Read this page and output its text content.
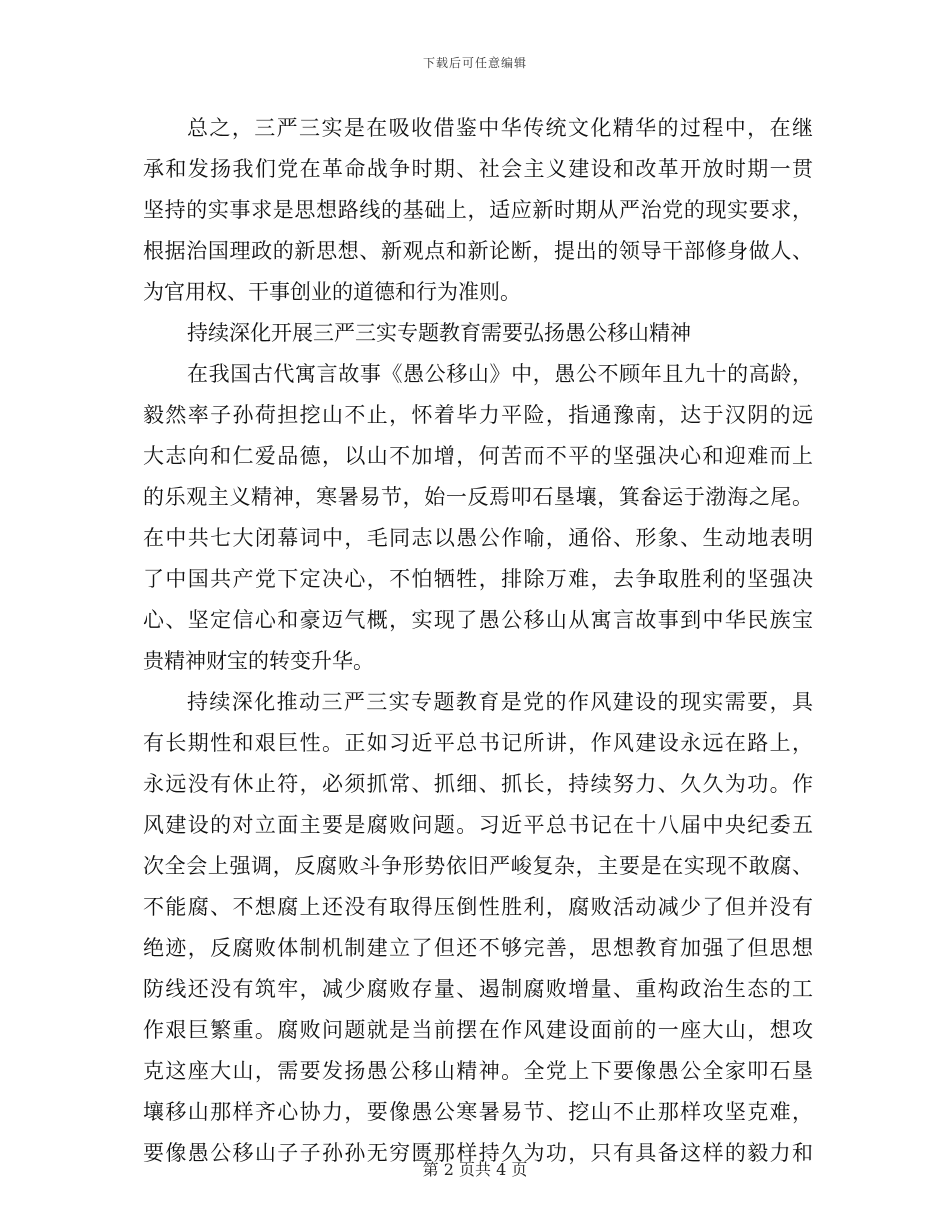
下载后可任意编辑
总之，三严三实是在吸收借鉴中华传统文化精华的过程中，在继
承和发扬我们党在革命战争时期、社会主义建设和改革开放时期一贯
坚持的实事求是思想路线的基础上，适应新时期从严治党的现实要求，
根据治国理政的新思想、新观点和新论断，提出的领导干部修身做人、
为官用权、干事创业的道德和行为准则。
持续深化开展三严三实专题教育需要弘扬愚公移山精神
在我国古代寓言故事《愚公移山》中，愚公不顾年且九十的高龄，
毅然率子孙荷担挖山不止，怀着毕力平险，指通豫南，达于汉阴的远
大志向和仁爱品德，以山不加增，何苦而不平的坚强决心和迎难而上
的乐观主义精神，寒暑易节，始一反焉叩石垦壤，箕畚运于渤海之尾。
在中共七大闭幕词中，毛同志以愚公作喻，通俗、形象、生动地表明
了中国共产党下定决心，不怕牺牲，排除万难，去争取胜利的坚强决
心、坚定信心和豪迈气概，实现了愚公移山从寓言故事到中华民族宝
贵精神财宝的转变升华。
持续深化推动三严三实专题教育是党的作风建设的现实需要，具
有长期性和艰巨性。正如习近平总书记所讲，作风建设永远在路上，
永远没有休止符，必须抓常、抓细、抓长，持续努力、久久为功。作
风建设的对立面主要是腐败问题。习近平总书记在十八届中央纪委五
次全会上强调，反腐败斗争形势依旧严峻复杂，主要是在实现不敢腐、
不能腐、不想腐上还没有取得压倒性胜利，腐败活动减少了但并没有
绝迹，反腐败体制机制建立了但还不够完善，思想教育加强了但思想
防线还没有筑牢，减少腐败存量、遏制腐败增量、重构政治生态的工
作艰巨繁重。腐败问题就是当前摆在作风建设面前的一座大山，想攻
克这座大山，需要发扬愚公移山精神。全党上下要像愚公全家叩石垦
壤移山那样齐心协力，要像愚公寒暑易节、挖山不止那样攻坚克难，
要像愚公移山子子孙孙无穷匮那样持久为功，只有具备这样的毅力和
第 2 页共 4 页
